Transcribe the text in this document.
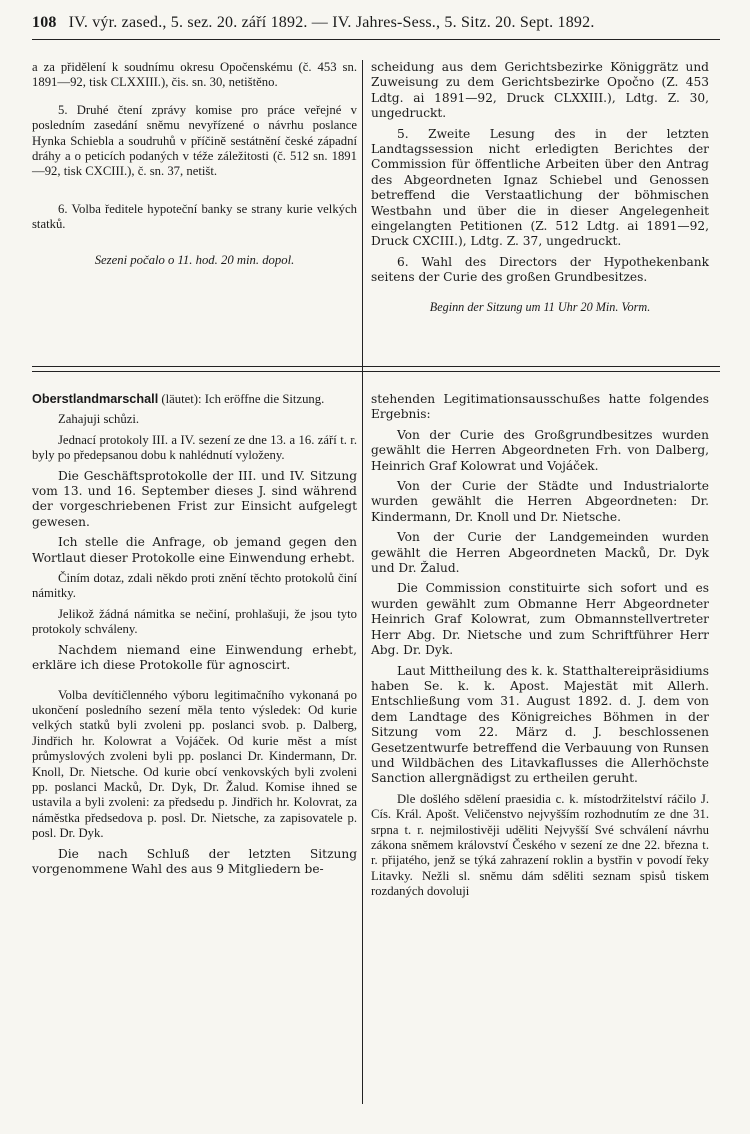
108 IV. výr. zased., 5. sez. 20. září 1892. — IV. Jahres-Sess., 5. Sitz. 20. Sept. 1892.

a za přidělení k soudnímu okresu Opočenskému (č. 453 sn. 1891—92, tisk CLXXIII.), čis. sn. 30, netištěno.

5. Druhé čtení zprávy komise pro práce veřejné v posledním zasedání sněmu nevyřízené o návrhu poslance Hynka Schiebla a soudruhů v příčině sestátnění české západní dráhy a o peticích podaných v téže záležitosti (č. 512 sn. 1891—92, tisk CXCIII.), č. sn. 37, netišt.

6. Volba ředitele hypoteční banky se strany kurie velkých statků.

Sezeni počalo o 11. hod. 20 min. dopol.

scheidung aus dem Gerichtsbezirke Königgrätz und Zuweisung zu dem Gerichtsbezirke Opočno (Z. 453 Ldtg. ai 1891—92, Druck CLXXIII.), Ldtg. Z. 30, ungedruckt.

5. Zweite Lesung des in der letzten Landtagssession nicht erledigten Berichtes der Commission für öffentliche Arbeiten über den Antrag des Abgeordneten Ignaz Schiebel und Genossen betreffend die Verstaatlichung der böhmischen Westbahn und über die in dieser Angelegenheit eingelangten Petitionen (Z. 512 Ldtg. ai 1891—92, Druck CXCIII.), Ldtg. Z. 37, ungedruckt.

6. Wahl des Directors der Hypothekenbank seitens der Curie des großen Grundbesitzes.

Beginn der Sitzung um 11 Uhr 20 Min. Vorm.

Oberstlandmarschall (läutet): Ich eröffne die Sitzung.

Zahajuji schůzi.

Jednací protokoly III. a IV. sezení ze dne 13. a 16. září t. r. byly po předepsanou dobu k nahlédnutí vyloženy.

Die Geschäftsprotokolle der III. und IV. Sitzung vom 13. und 16. September dieses J. sind während der vorgeschriebenen Frist zur Einsicht aufgelegt gewesen.

Ich stelle die Anfrage, ob jemand gegen den Wortlaut dieser Protokolle eine Einwendung erhebt.

Činím dotaz, zdali někdo proti znění těchto protokolů činí námitky.

Jelikož žádná námitka se nečiní, prohlašuji, že jsou tyto protokoly schváleny.

Nachdem niemand eine Einwendung erhebt, erkläre ich diese Protokolle für agnoscirt.

Volba devítičlenného výboru legitimačního vykonaná po ukončení posledního sezení měla tento výsledek: Od kurie velkých statků byli zvoleni pp. poslanci svob. p. Dalberg, Jindřich hr. Kolowrat a Vojáček. Od kurie měst a míst průmyslových zvoleni byli pp. poslanci Dr. Kindermann, Dr. Knoll, Dr. Nietsche. Od kurie obcí venkovských byli zvoleni pp. poslanci Macků, Dr. Dyk, Dr. Žalud. Komise ihned se ustavila a byli zvoleni: za předsedu p. Jindřich hr. Kolovrat, za náměstka předsedova p. posl. Dr. Nietsche, za zapisovatele p. posl. Dr. Dyk.

Die nach Schluß der letzten Sitzung vorgenommene Wahl des aus 9 Mitgliedern be-

stehenden Legitimationsausschußes hatte folgendes Ergebnis:

Von der Curie des Großgrundbesitzes wurden gewählt die Herren Abgeordneten Frh. von Dalberg, Heinrich Graf Kolowrat und Vojáček.

Von der Curie der Städte und Industrialorte wurden gewählt die Herren Abgeordneten: Dr. Kindermann, Dr. Knoll und Dr. Nietsche.

Von der Curie der Landgemeinden wurden gewählt die Herren Abgeordneten Macků, Dr. Dyk und Dr. Žalud.

Die Commission constituirte sich sofort und es wurden gewählt zum Obmanne Herr Abgeordneter Heinrich Graf Kolowrat, zum Obmannstellvertreter Herr Abg. Dr. Nietsche und zum Schriftführer Herr Abg. Dr. Dyk.

Laut Mittheilung des k. k. Statthaltereipräsidiums haben Se. k. k. Apost. Majestät mit Allerh. Entschließung vom 31. August 1892. d. J. dem von dem Landtage des Königreiches Böhmen in der Sitzung vom 22. März d. J. beschlossenen Gesetzentwurfe betreffend die Verbauung von Runsen und Wildbächen des Litavkaflusses die Allerhöchste Sanction allergnädigst zu ertheilen geruht.

Dle došlého sdělení praesidia c. k. místodržitelství ráčilo J. Cís. Král. Apošt. Veličenstvo nejvyšším rozhodnutím ze dne 31. srpna t. r. nejmilostivěji uděliti Nejvyšší Své schválení návrhu zákona sněmem království Českého v sezení ze dne 22. března t. r. přijatého, jenž se týká zahrazení roklin a bystřin v povodí řeky Litavky. Nežli sl. sněmu dám sděliti seznam spisů tiskem rozdaných dovoluji
